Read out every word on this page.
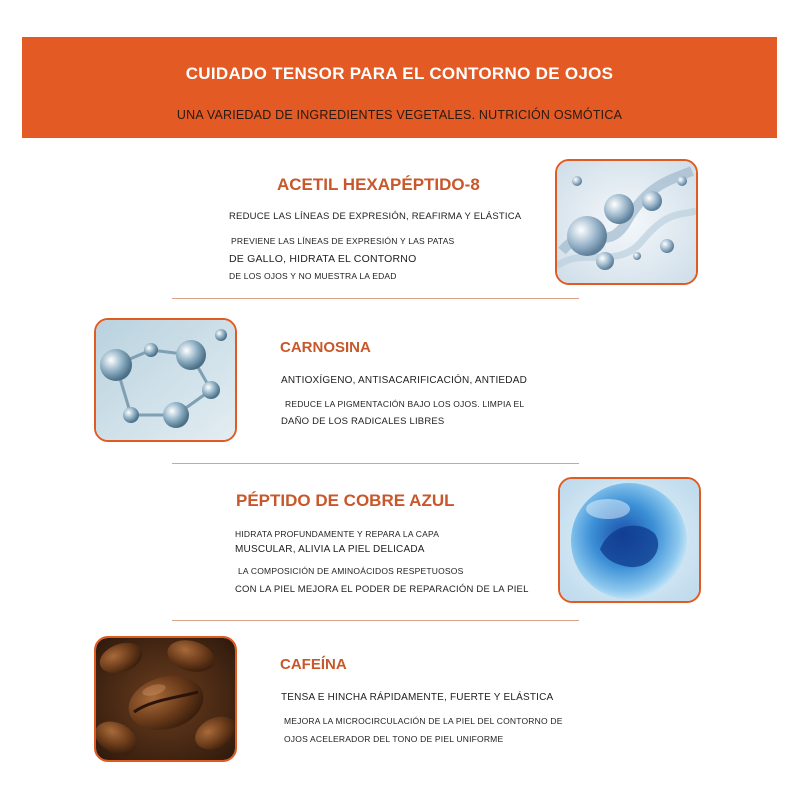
CUIDADO TENSOR PARA EL CONTORNO DE OJOS
UNA VARIEDAD DE INGREDIENTES VEGETALES. NUTRICIÓN OSMÓTICA
ACETIL HEXAPÉPTIDO-8
REDUCE LAS LÍNEAS DE EXPRESIÓN, REAFIRMA Y ELÁSTICA
PREVIENE LAS LÍNEAS DE EXPRESIÓN Y LAS PATAS
DE GALLO, HIDRATA EL CONTORNO
DE LOS OJOS Y NO MUESTRA LA EDAD
CARNOSINA
ANTIOXÍGENO, ANTISACARIFICACIÓN, ANTIEDAD
REDUCE LA PIGMENTACIÓN BAJO LOS OJOS. LIMPIA EL
DAÑO DE LOS RADICALES LIBRES
PÉPTIDO DE COBRE AZUL
HIDRATA PROFUNDAMENTE Y REPARA LA CAPA
MUSCULAR, ALIVIA LA PIEL DELICADA
LA COMPOSICIÓN DE AMINOÁCIDOS RESPETUOSOS
CON LA PIEL MEJORA EL PODER DE REPARACIÓN DE LA PIEL
CAFEÍNA
TENSA E HINCHA RÁPIDAMENTE, FUERTE Y ELÁSTICA
MEJORA LA MICROCIRCULACIÓN DE LA PIEL DEL CONTORNO DE
OJOS ACELERADOR DEL TONO DE PIEL UNIFORME
